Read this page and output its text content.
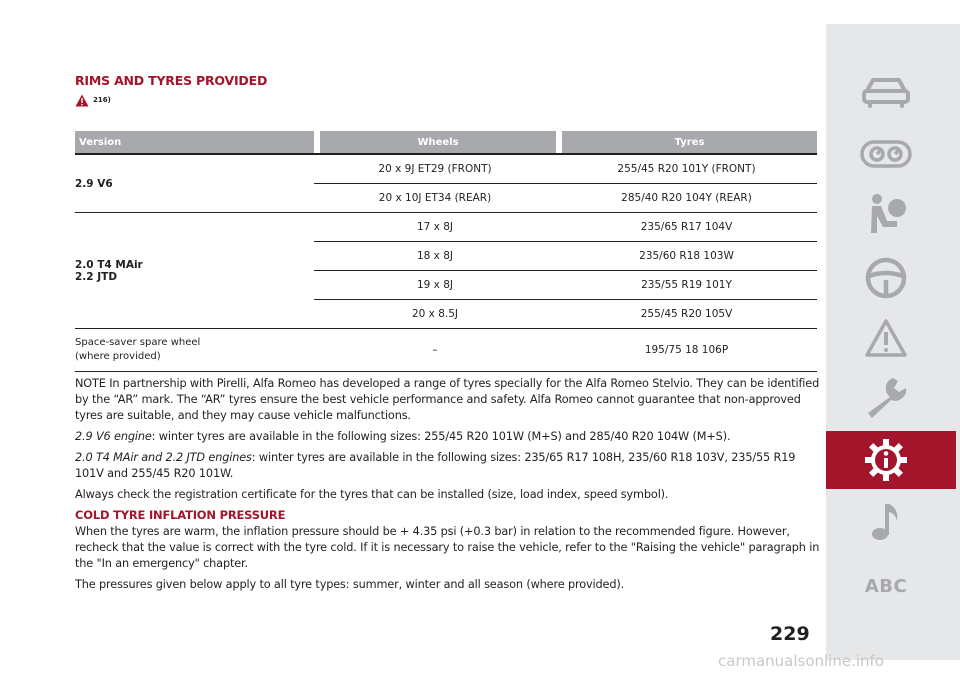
RIMS AND TYRES PROVIDED
216)
Version		Wheels		Tyres
2.9 V6	20 x 9J ET29 (FRONT)		255/45 R20 101Y (FRONT)	
	20 x 10J ET34 (REAR)		285/40 R20 104Y (REAR)	
2.0 T4 MAir
2.2 JTD	17 x 8J		235/65 R17 104V	
	18 x 8J		235/60 R18 103W	
	19 x 8J		235/55 R19 101Y	
	20 x 8.5J		255/45 R20 105V	
Space-saver spare wheel
(where provided)	–		195/75 18 106P	

NOTE In partnership with Pirelli, Alfa Romeo has developed a range of tyres specially for the Alfa Romeo Stelvio. They can be identified by the “AR” mark. The “AR” tyres ensure the best vehicle performance and safety. Alfa Romeo cannot guarantee that non-approved tyres are suitable, and they may cause vehicle malfunctions.

2.9 V6 engine: winter tyres are available in the following sizes: 255/45 R20 101W (M+S) and 285/40 R20 104W (M+S).

2.0 T4 MAir and 2.2 JTD engines: winter tyres are available in the following sizes: 235/65 R17 108H, 235/60 R18 103V, 235/55 R19 101V and 255/45 R20 101W.

Always check the registration certificate for the tyres that can be installed (size, load index, speed symbol).

COLD TYRE INFLATION PRESSURE

When the tyres are warm, the inflation pressure should be + 4.35 psi (+0.3 bar) in relation to the recommended figure. However, recheck that the value is correct with the tyre cold. If it is necessary to raise the vehicle, refer to the "Raising the vehicle" paragraph in the "In an emergency" chapter.

The pressures given below apply to all tyre types: summer, winter and all season (where provided).

229
ABC
carmanualsonline.info
